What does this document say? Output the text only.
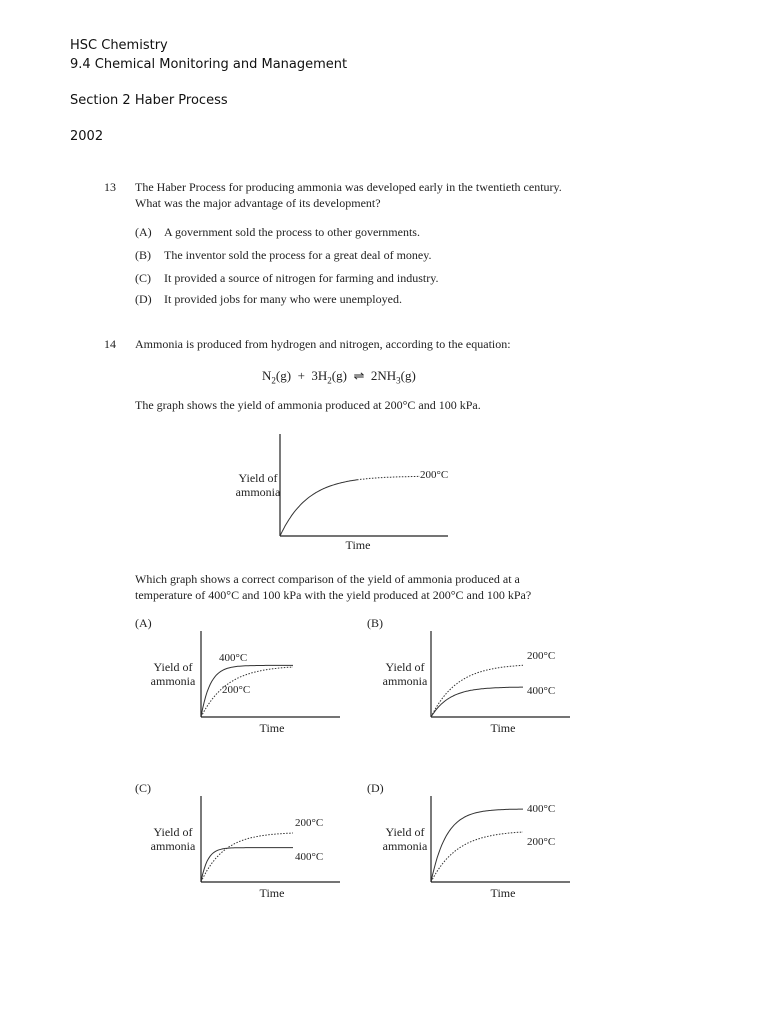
HSC Chemistry
9.4 Chemical Monitoring and Management
Section 2 Haber Process
2002
13 The Haber Process for producing ammonia was developed early in the twentieth century.
What was the major advantage of its development?
(A) A government sold the process to other governments.
(B) The inventor sold the process for a great deal of money.
(C) It provided a source of nitrogen for farming and industry.
(D) It provided jobs for many who were unemployed.
14 Ammonia is produced from hydrogen and nitrogen, according to the equation:
$N_2(g) + 3H_2(g)$ ⇌ $2NH_3(g)$
The graph shows the yield of ammonia produced at 200°C and 100 kPa.
Yield of
ammonia
Time
200°C
Which graph shows a correct comparison of the yield of ammonia produced at a
temperature of 400°C and 100 kPa with the yield produced at 200°C and 100 kPa?
(A)
Yield of
ammonia
Time
400°C
200°C
(B)
Yield of
ammonia
Time
200°C
400°C
(C)
Yield of
ammonia
Time
200°C
400°C
(D)
Yield of
ammonia
Time
400°C
200°C
